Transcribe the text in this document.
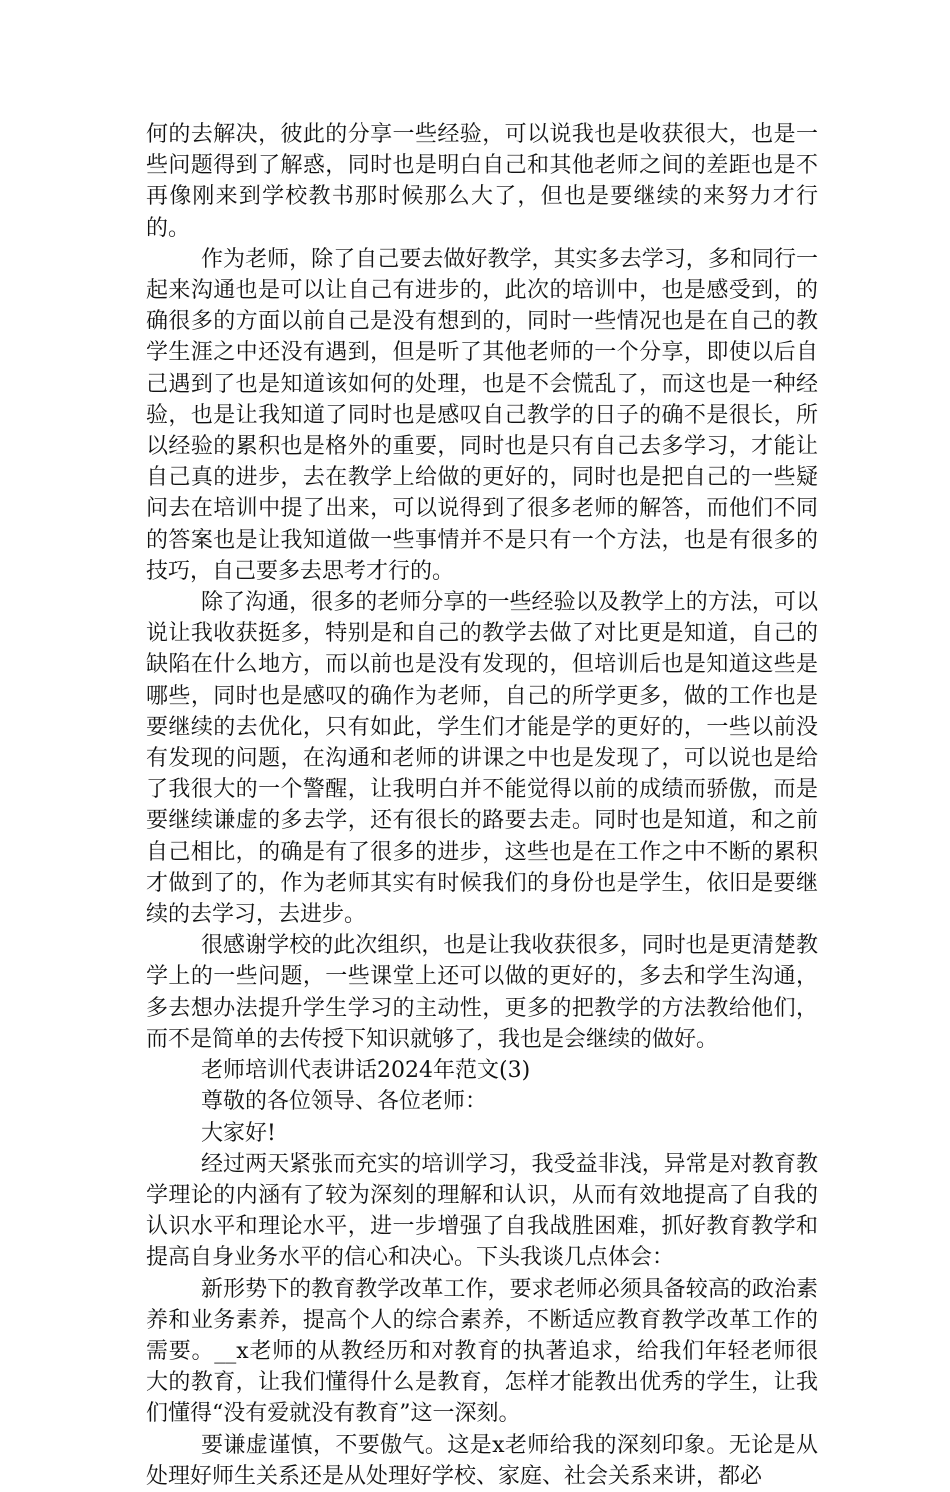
何的去解决，彼此的分享一些经验，可以说我也是收获很大，也是一些问题得到了解惑，同时也是明白自己和其他老师之间的差距也是不再像刚来到学校教书那时候那么大了，但也是要继续的来努力才行的。

作为老师，除了自己要去做好教学，其实多去学习，多和同行一起来沟通也是可以让自己有进步的，此次的培训中，也是感受到，的确很多的方面以前自己是没有想到的，同时一些情况也是在自己的教学生涯之中还没有遇到，但是听了其他老师的一个分享，即使以后自己遇到了也是知道该如何的处理，也是不会慌乱了，而这也是一种经验，也是让我知道了同时也是感叹自己教学的日子的确不是很长，所以经验的累积也是格外的重要，同时也是只有自己去多学习，才能让自己真的进步，去在教学上给做的更好的，同时也是把自己的一些疑问去在培训中提了出来，可以说得到了很多老师的解答，而他们不同的答案也是让我知道做一些事情并不是只有一个方法，也是有很多的技巧，自己要多去思考才行的。

除了沟通，很多的老师分享的一些经验以及教学上的方法，可以说让我收获挺多，特别是和自己的教学去做了对比更是知道，自己的缺陷在什么地方，而以前也是没有发现的，但培训后也是知道这些是哪些，同时也是感叹的确作为老师，自己的所学更多，做的工作也是要继续的去优化，只有如此，学生们才能是学的更好的，一些以前没有发现的问题，在沟通和老师的讲课之中也是发现了，可以说也是给了我很大的一个警醒，让我明白并不能觉得以前的成绩而骄傲，而是要继续谦虚的多去学，还有很长的路要去走。同时也是知道，和之前自己相比，的确是有了很多的进步，这些也是在工作之中不断的累积才做到了的，作为老师其实有时候我们的身份也是学生，依旧是要继续的去学习，去进步。

很感谢学校的此次组织，也是让我收获很多，同时也是更清楚教学上的一些问题，一些课堂上还可以做的更好的，多去和学生沟通，多去想办法提升学生学习的主动性，更多的把教学的方法教给他们，而不是简单的去传授下知识就够了，我也是会继续的做好。

老师培训代表讲话2024年范文(3)

尊敬的各位领导、各位老师：

大家好!

经过两天紧张而充实的培训学习，我受益非浅，异常是对教育教学理论的内涵有了较为深刻的理解和认识，从而有效地提高了自我的认识水平和理论水平，进一步增强了自我战胜困难，抓好教育教学和提高自身业务水平的信心和决心。下头我谈几点体会：

新形势下的教育教学改革工作，要求老师必须具备较高的政治素养和业务素养，提高个人的综合素养，不断适应教育教学改革工作的需要。__x老师的从教经历和对教育的执著追求，给我们年轻老师很大的教育，让我们懂得什么是教育，怎样才能教出优秀的学生，让我们懂得“没有爱就没有教育”这一深刻。

要谦虚谨慎，不要傲气。这是x老师给我的深刻印象。无论是从处理好师生关系还是从处理好学校、家庭、社会关系来讲，都必
